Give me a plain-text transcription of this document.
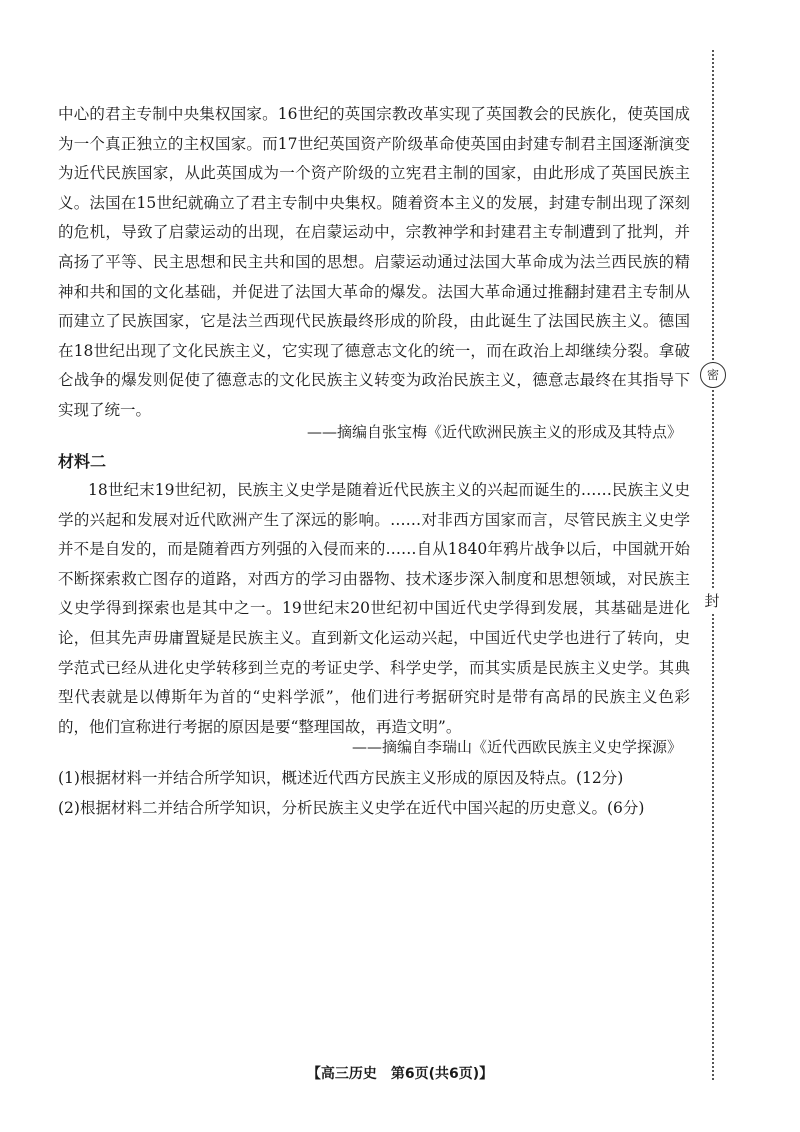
密
封

中心的君主专制中央集权国家。16世纪的英国宗教改革实现了英国教会的民族化，使英国成为一个真正独立的主权国家。而17世纪英国资产阶级革命使英国由封建专制君主国逐渐演变为近代民族国家，从此英国成为一个资产阶级的立宪君主制的国家，由此形成了英国民族主义。法国在15世纪就确立了君主专制中央集权。随着资本主义的发展，封建专制出现了深刻的危机，导致了启蒙运动的出现，在启蒙运动中，宗教神学和封建君主专制遭到了批判，并高扬了平等、民主思想和民主共和国的思想。启蒙运动通过法国大革命成为法兰西民族的精神和共和国的文化基础，并促进了法国大革命的爆发。法国大革命通过推翻封建君主专制从而建立了民族国家，它是法兰西现代民族最终形成的阶段，由此诞生了法国民族主义。德国在18世纪出现了文化民族主义，它实现了德意志文化的统一，而在政治上却继续分裂。拿破仑战争的爆发则促使了德意志的文化民族主义转变为政治民族主义，德意志最终在其指导下实现了统一。

——摘编自张宝梅《近代欧洲民族主义的形成及其特点》

材料二

18世纪末19世纪初，民族主义史学是随着近代民族主义的兴起而诞生的……民族主义史学的兴起和发展对近代欧洲产生了深远的影响。……对非西方国家而言，尽管民族主义史学并不是自发的，而是随着西方列强的入侵而来的……自从1840年鸦片战争以后，中国就开始不断探索救亡图存的道路，对西方的学习由器物、技术逐步深入制度和思想领域，对民族主义史学得到探索也是其中之一。19世纪末20世纪初中国近代史学得到发展，其基础是进化论，但其先声毋庸置疑是民族主义。直到新文化运动兴起，中国近代史学也进行了转向，史学范式已经从进化史学转移到兰克的考证史学、科学史学，而其实质是民族主义史学。其典型代表就是以傅斯年为首的“史料学派”，他们进行考据研究时是带有高昂的民族主义色彩的，他们宣称进行考据的原因是要“整理国故，再造文明”。

——摘编自李瑞山《近代西欧民族主义史学探源》

(1)根据材料一并结合所学知识，概述近代西方民族主义形成的原因及特点。(12分)

(2)根据材料二并结合所学知识，分析民族主义史学在近代中国兴起的历史意义。(6分)

【高三历史　第6页(共6页)】
